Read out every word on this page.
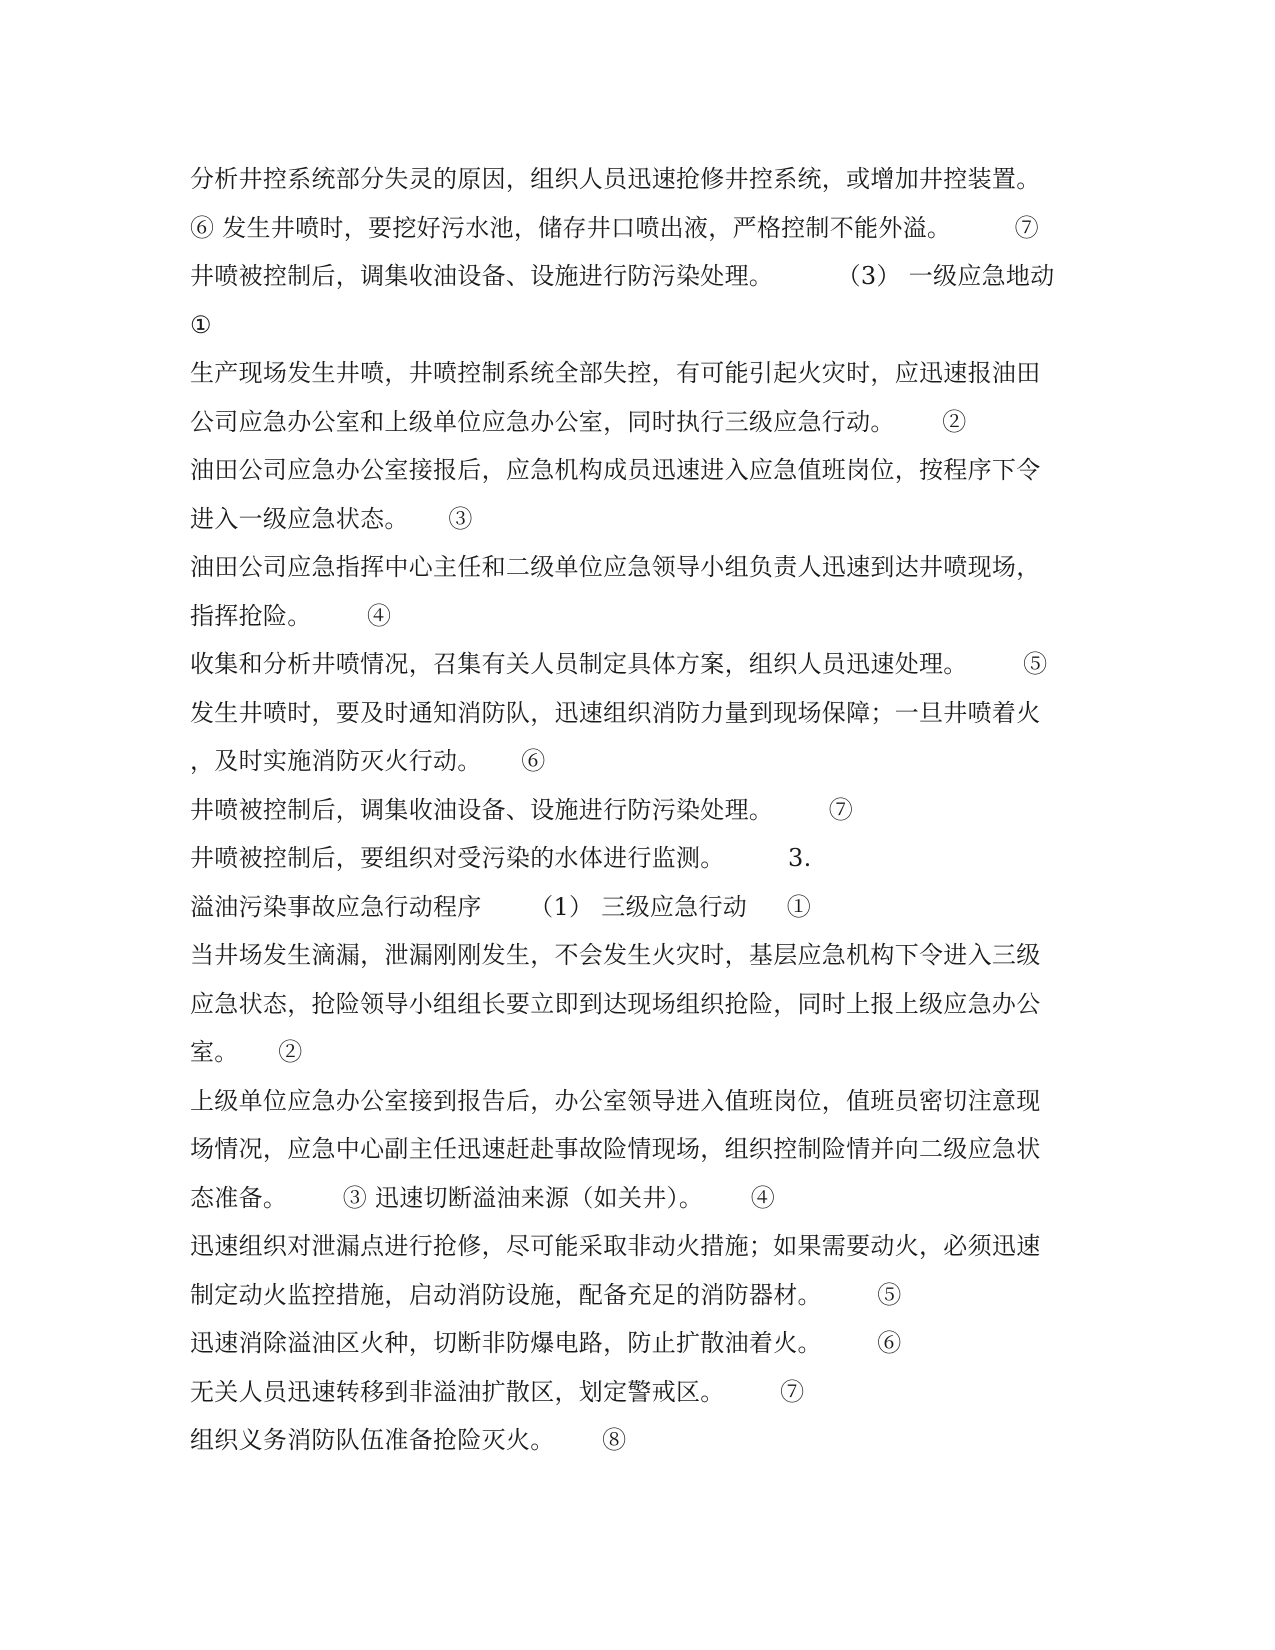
分析井控系统部分失灵的原因，组织人员迅速抢修井控系统，或增加井控装置。
⑥ 发生井喷时，要挖好污水池，储存井口喷出液，严格控制不能外溢。        ⑦
井喷被控制后，调集收油设备、设施进行防污染处理。        （3） 一级应急地动
①
生产现场发生井喷，井喷控制系统全部失控，有可能引起火灾时，应迅速报油田
公司应急办公室和上级单位应急办公室，同时执行三级应急行动。      ②
油田公司应急办公室接报后，应急机构成员迅速进入应急值班岗位，按程序下令
进入一级应急状态。     ③
油田公司应急指挥中心主任和二级单位应急领导小组负责人迅速到达井喷现场，
指挥抢险。       ④
收集和分析井喷情况，召集有关人员制定具体方案，组织人员迅速处理。       ⑤
发生井喷时，要及时通知消防队，迅速组织消防力量到现场保障；一旦井喷着火
，及时实施消防灭火行动。     ⑥
井喷被控制后，调集收油设备、设施进行防污染处理。       ⑦
井喷被控制后，要组织对受污染的水体进行监测。        3.
溢油污染事故应急行动程序      （1） 三级应急行动     ①
当井场发生滴漏，泄漏刚刚发生，不会发生火灾时，基层应急机构下令进入三级
应急状态，抢险领导小组组长要立即到达现场组织抢险，同时上报上级应急办公
室。     ②
上级单位应急办公室接到报告后，办公室领导进入值班岗位，值班员密切注意现
场情况，应急中心副主任迅速赶赴事故险情现场，组织控制险情并向二级应急状
态准备。       ③ 迅速切断溢油来源（如关井）。      ④
迅速组织对泄漏点进行抢修，尽可能采取非动火措施；如果需要动火，必须迅速
制定动火监控措施，启动消防设施，配备充足的消防器材。       ⑤
迅速消除溢油区火种，切断非防爆电路，防止扩散油着火。       ⑥
无关人员迅速转移到非溢油扩散区，划定警戒区。       ⑦
组织义务消防队伍准备抢险灭火。      ⑧
